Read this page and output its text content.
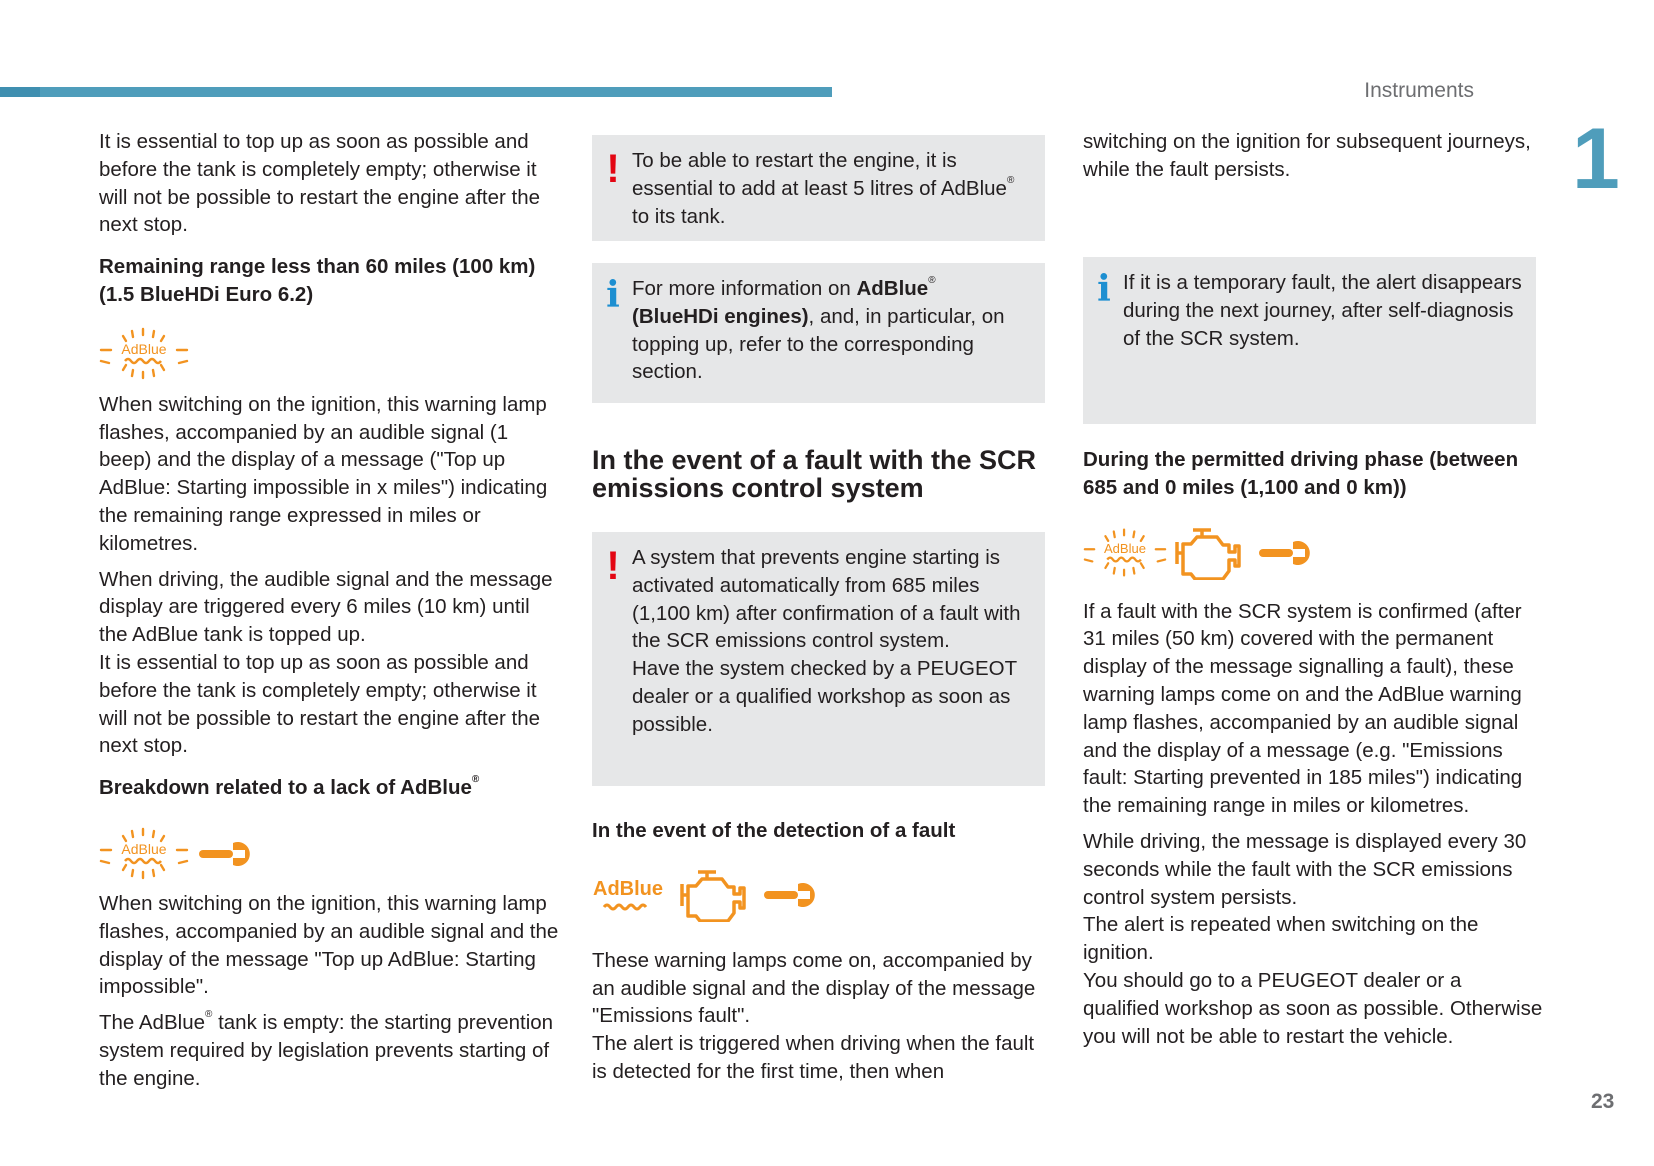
Instruments
1
23

It is essential to top up as soon as possible and before the tank is completely empty; otherwise it will not be possible to restart the engine after the next stop.

Remaining range less than 60 miles (100 km) (1.5 BlueHDi Euro 6.2)
AdBlue

When switching on the ignition, this warning lamp flashes, accompanied by an audible signal (1 beep) and the display of a message ("Top up AdBlue: Starting impossible in x miles") indicating the remaining range expressed in miles or kilometres.

When driving, the audible signal and the message display are triggered every 6 miles (10 km) until the AdBlue tank is topped up.

It is essential to top up as soon as possible and before the tank is completely empty; otherwise it will not be possible to restart the engine after the next stop.

Breakdown related to a lack of AdBlue®
AdBlue

When switching on the ignition, this warning lamp flashes, accompanied by an audible signal and the display of the message "Top up AdBlue: Starting impossible".

The AdBlue® tank is empty: the starting prevention system required by legislation prevents starting of the engine.

! To be able to restart the engine, it is essential to add at least 5 litres of AdBlue® to its tank.

i For more information on AdBlue®
(BlueHDi engines), and, in particular, on topping up, refer to the corresponding section.

In the event of a fault with the SCR emissions control system
! A system that prevents engine starting is activated automatically from 685 miles (1,100 km) after confirmation of a fault with the SCR emissions control system.

Have the system checked by a PEUGEOT dealer or a qualified workshop as soon as possible.

In the event of the detection of a fault
AdBlue

These warning lamps come on, accompanied by an audible signal and the display of the message "Emissions fault".

The alert is triggered when driving when the fault is detected for the first time, then when

switching on the ignition for subsequent journeys, while the fault persists.

i If it is a temporary fault, the alert disappears during the next journey, after self-diagnosis of the SCR system.

During the permitted driving phase (between 685 and 0 miles (1,100 and 0 km))
AdBlue

If a fault with the SCR system is confirmed (after 31 miles (50 km) covered with the permanent display of the message signalling a fault), these warning lamps come on and the AdBlue warning lamp flashes, accompanied by an audible signal and the display of a message (e.g. "Emissions fault: Starting prevented in 185 miles") indicating the remaining range in miles or kilometres.

While driving, the message is displayed every 30 seconds while the fault with the SCR emissions control system persists.

The alert is repeated when switching on the ignition.

You should go to a PEUGEOT dealer or a qualified workshop as soon as possible. Otherwise you will not be able to restart the vehicle.
